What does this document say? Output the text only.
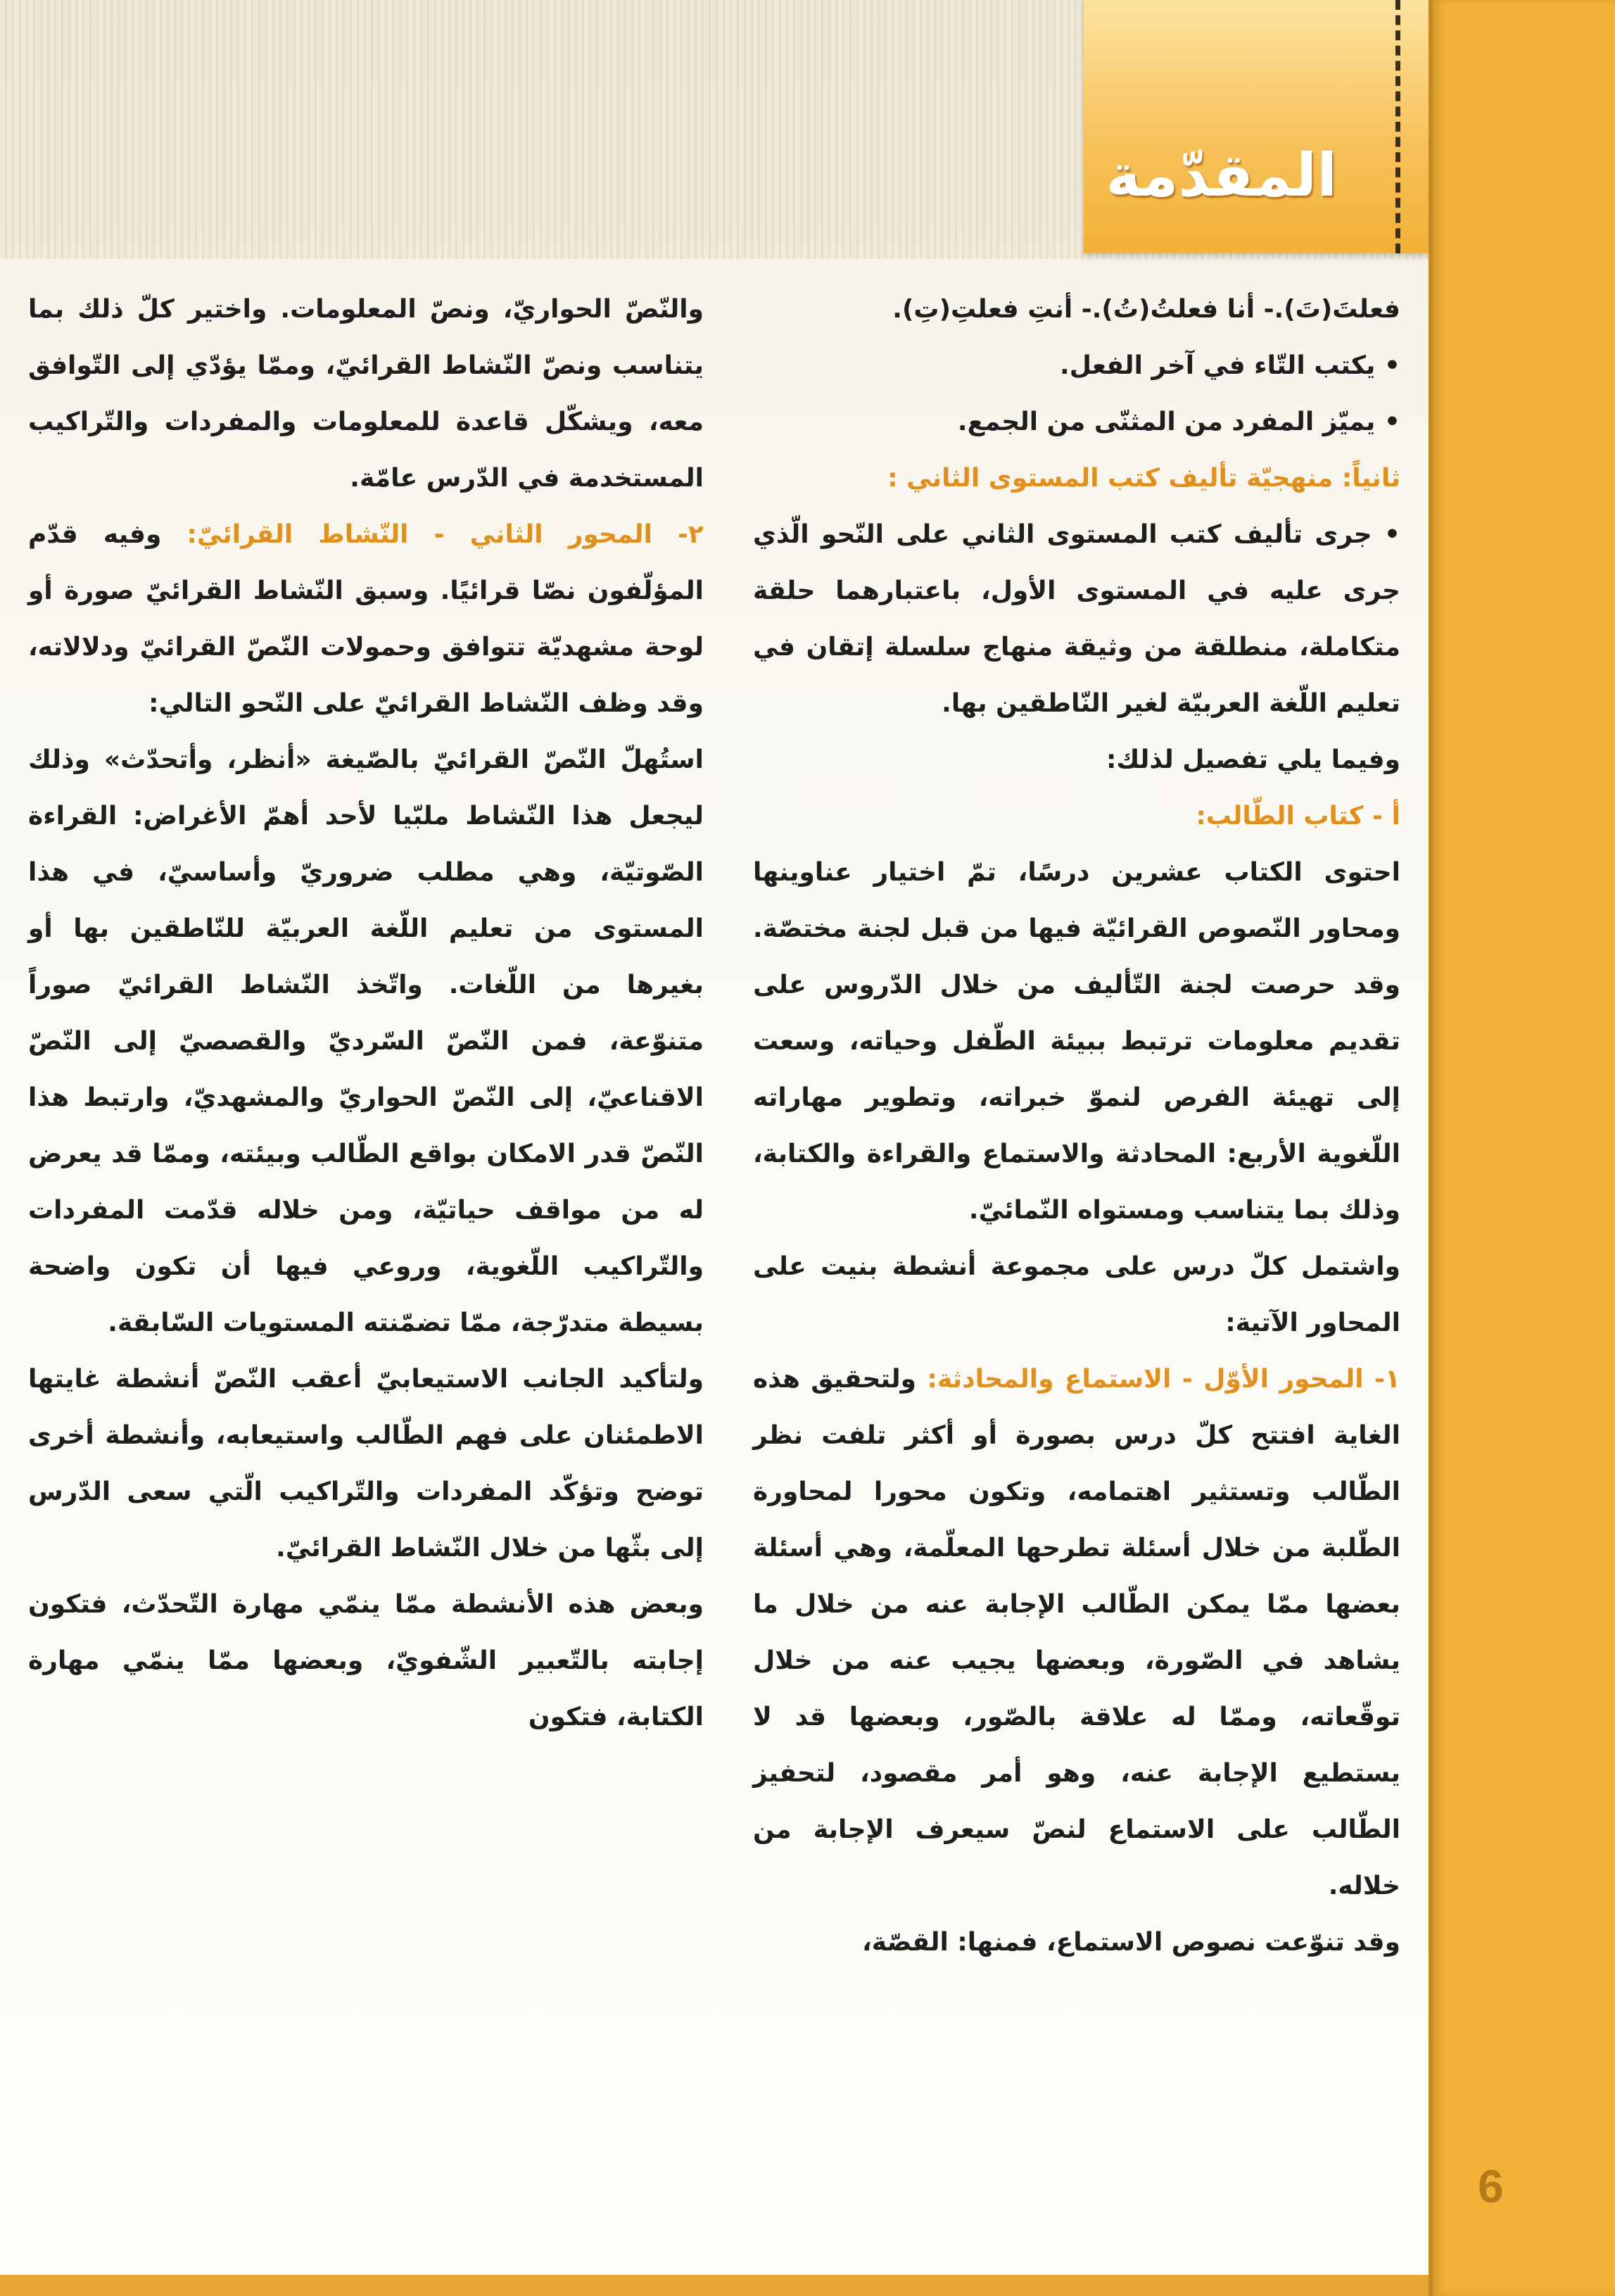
المقدّمة
6

فعلتَ(تَ).- أنا فعلتُ(تُ).- أنتِ فعلتِ(تِ).

• يكتب التّاء في آخر الفعل.

• يميّز المفرد من المثنّى من الجمع.

ثانياً: منهجيّة تأليف كتب المستوى الثاني :

• جرى تأليف كتب المستوى الثاني على النّحو الّذي جرى عليه في المستوى الأول، باعتبارهما حلقة متكاملة، منطلقة من وثيقة منهاج سلسلة إتقان في تعليم اللّغة العربيّة لغير النّاطقين بها.

وفيما يلي تفصيل لذلك:

أ - كتاب الطّالب:

احتوى الكتاب عشرين درسًا، تمّ اختيار عناوينها ومحاور النّصوص القرائيّة فيها من قبل لجنة مختصّة. وقد حرصت لجنة التّأليف من خلال الدّروس على تقديم معلومات ترتبط ببيئة الطّفل وحياته، وسعت إلى تهيئة الفرص لنموّ خبراته، وتطوير مهاراته اللّغوية الأربع: المحادثة والاستماع والقراءة والكتابة، وذلك بما يتناسب ومستواه النّمائيّ.

واشتمل كلّ درس على مجموعة أنشطة بنيت على المحاور الآتية:

١- المحور الأوّل - الاستماع والمحادثة: ولتحقيق هذه الغاية افتتح كلّ درس بصورة أو أكثر تلفت نظر الطّالب وتستثير اهتمامه، وتكون محورا لمحاورة الطّلبة من خلال أسئلة تطرحها المعلّمة، وهي أسئلة بعضها ممّا يمكن الطّالب الإجابة عنه من خلال ما يشاهد في الصّورة، وبعضها يجيب عنه من خلال توقّعاته، وممّا له علاقة بالصّور، وبعضها قد لا يستطيع الإجابة عنه، وهو أمر مقصود، لتحفيز الطّالب على الاستماع لنصّ سيعرف الإجابة من خلاله.

وقد تنوّعت نصوص الاستماع، فمنها: القصّة،

والنّصّ الحواريّ، ونصّ المعلومات. واختير كلّ ذلك بما يتناسب ونصّ النّشاط القرائيّ، وممّا يؤدّي إلى التّوافق معه، ويشكّل قاعدة للمعلومات والمفردات والتّراكيب المستخدمة في الدّرس عامّة.

٢- المحور الثاني - النّشاط القرائيّ: وفيه قدّم المؤلّفون نصّا قرائيًا. وسبق النّشاط القرائيّ صورة أو لوحة مشهديّة تتوافق وحمولات النّصّ القرائيّ ودلالاته، وقد وظف النّشاط القرائيّ على النّحو التالي:

استُهلّ النّصّ القرائيّ بالصّيغة «أنظر، وأتحدّث» وذلك ليجعل هذا النّشاط ملبّيا لأحد أهمّ الأغراض: القراءة الصّوتيّة، وهي مطلب ضروريّ وأساسيّ، في هذا المستوى من تعليم اللّغة العربيّة للنّاطقين بها أو بغيرها من اللّغات. واتّخذ النّشاط القرائيّ صوراً متنوّعة، فمن النّصّ السّرديّ والقصصيّ إلى النّصّ الاقناعيّ، إلى النّصّ الحواريّ والمشهديّ، وارتبط هذا النّصّ قدر الامكان بواقع الطّالب وبيئته، وممّا قد يعرض له من مواقف حياتيّة، ومن خلاله قدّمت المفردات والتّراكيب اللّغوية، وروعي فيها أن تكون واضحة بسيطة متدرّجة، ممّا تضمّنته المستويات السّابقة.

ولتأكيد الجانب الاستيعابيّ أعقب النّصّ أنشطة غايتها الاطمئنان على فهم الطّالب واستيعابه، وأنشطة أخرى توضح وتؤكّد المفردات والتّراكيب الّتي سعى الدّرس إلى بثّها من خلال النّشاط القرائيّ.

وبعض هذه الأنشطة ممّا ينمّي مهارة التّحدّث، فتكون إجابته بالتّعبير الشّفويّ، وبعضها ممّا ينمّي مهارة الكتابة، فتكون
